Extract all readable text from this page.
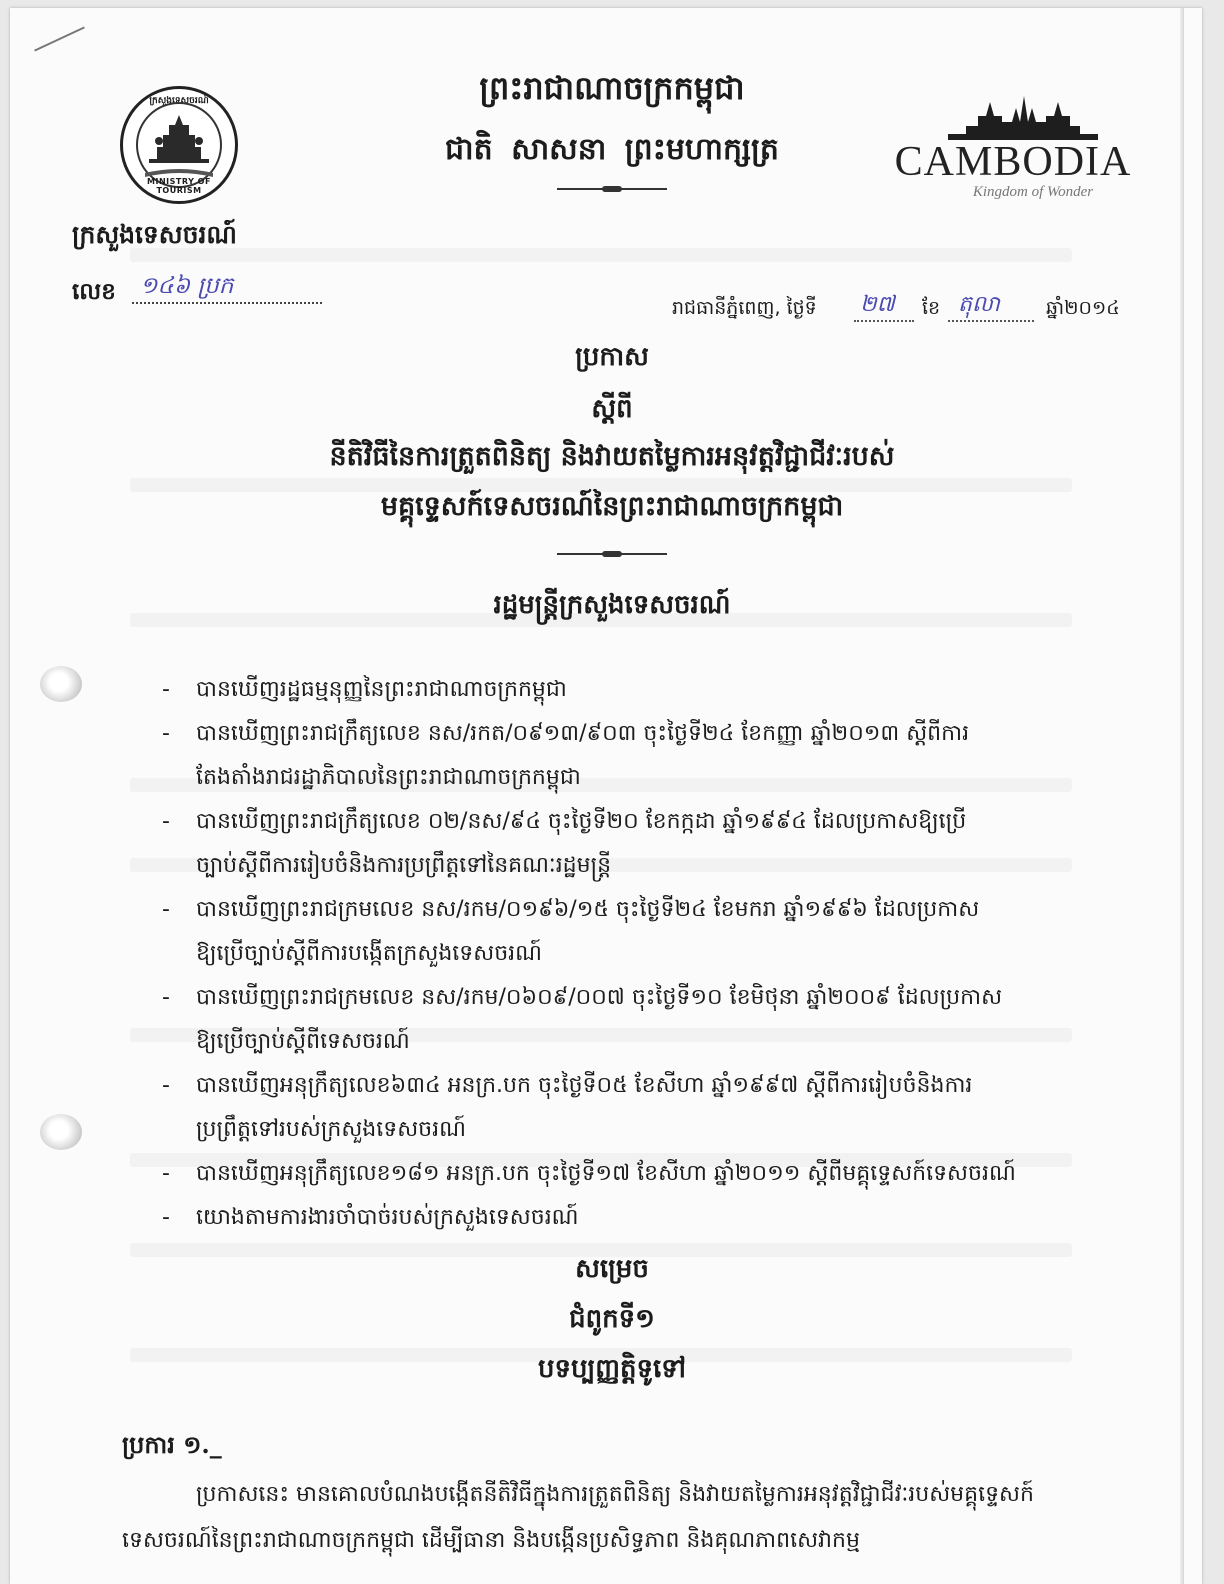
ក្រសួងទេសចរណ៍
MINISTRY OF TOURISM
ព្រះរាជាណាចក្រកម្ពុជា
ជាតិ សាសនា ព្រះមហាក្សត្រ	CAMBODIA
Kingdom of Wonder
ក្រសួងទេសចរណ៍
លេខ ១៤៦ ប្រក
រាជធានីភ្នំពេញ, ថ្ងៃទី ២៧ ខែ តុលា ឆ្នាំ២០១៤
ប្រកាស
ស្តីពី
នីតិវិធីនៃការត្រួតពិនិត្យ និងវាយតម្លៃការអនុវត្តវិជ្ជាជីវៈរបស់
មគ្គុទ្ទេសក៍ទេសចរណ៍នៃព្រះរាជាណាចក្រកម្ពុជា
រដ្ឋមន្ត្រីក្រសួងទេសចរណ៍
- បានឃើញរដ្ឋធម្មនុញ្ញនៃព្រះរាជាណាចក្រកម្ពុជា
- បានឃើញព្រះរាជក្រឹត្យលេខ នស/រកត/០៩១៣/៩០៣ ចុះថ្ងៃទី២៤ ខែកញ្ញា ឆ្នាំ២០១៣ ស្តីពីការ
តែងតាំងរាជរដ្ឋាភិបាលនៃព្រះរាជាណាចក្រកម្ពុជា
- បានឃើញព្រះរាជក្រឹត្យលេខ ០២/នស/៩៤ ចុះថ្ងៃទី២០ ខែកក្កដា ឆ្នាំ១៩៩៤ ដែលប្រកាសឱ្យប្រើ
ច្បាប់ស្តីពីការរៀបចំនិងការប្រព្រឹត្តទៅនៃគណៈរដ្ឋមន្ត្រី
- បានឃើញព្រះរាជក្រមលេខ នស/រកម/០១៩៦/១៥ ចុះថ្ងៃទី២៤ ខែមករា ឆ្នាំ១៩៩៦ ដែលប្រកាស
ឱ្យប្រើច្បាប់ស្តីពីការបង្កើតក្រសួងទេសចរណ៍
- បានឃើញព្រះរាជក្រមលេខ នស/រកម/០៦០៩/០០៧ ចុះថ្ងៃទី១០ ខែមិថុនា ឆ្នាំ២០០៩ ដែលប្រកាស
ឱ្យប្រើច្បាប់ស្តីពីទេសចរណ៍
- បានឃើញអនុក្រឹត្យលេខ៦៣៤ អនក្រ.បក ចុះថ្ងៃទី០៥ ខែសីហា ឆ្នាំ១៩៩៧ ស្តីពីការរៀបចំនិងការ
ប្រព្រឹត្តទៅរបស់ក្រសួងទេសចរណ៍
- បានឃើញអនុក្រឹត្យលេខ១៨១ អនក្រ.បក ចុះថ្ងៃទី១៧ ខែសីហា ឆ្នាំ២០១១ ស្តីពីមគ្គុទ្ទេសក៍ទេសចរណ៍
- យោងតាមការងារចាំបាច់របស់ក្រសួងទេសចរណ៍
សម្រេច
ជំពូកទី១
បទប្បញ្ញត្តិទូទៅ
ប្រការ ១._
ប្រកាសនេះ មានគោលបំណងបង្កើតនីតិវិធីក្នុងការត្រួតពិនិត្យ និងវាយតម្លៃការអនុវត្តវិជ្ជាជីវៈរបស់មគ្គុទ្ទេសក៍ទេសចរណ៍នៃព្រះរាជាណាចក្រកម្ពុជា ដើម្បីធានា និងបង្កើនប្រសិទ្ធភាព និងគុណភាពសេវាកម្ម
